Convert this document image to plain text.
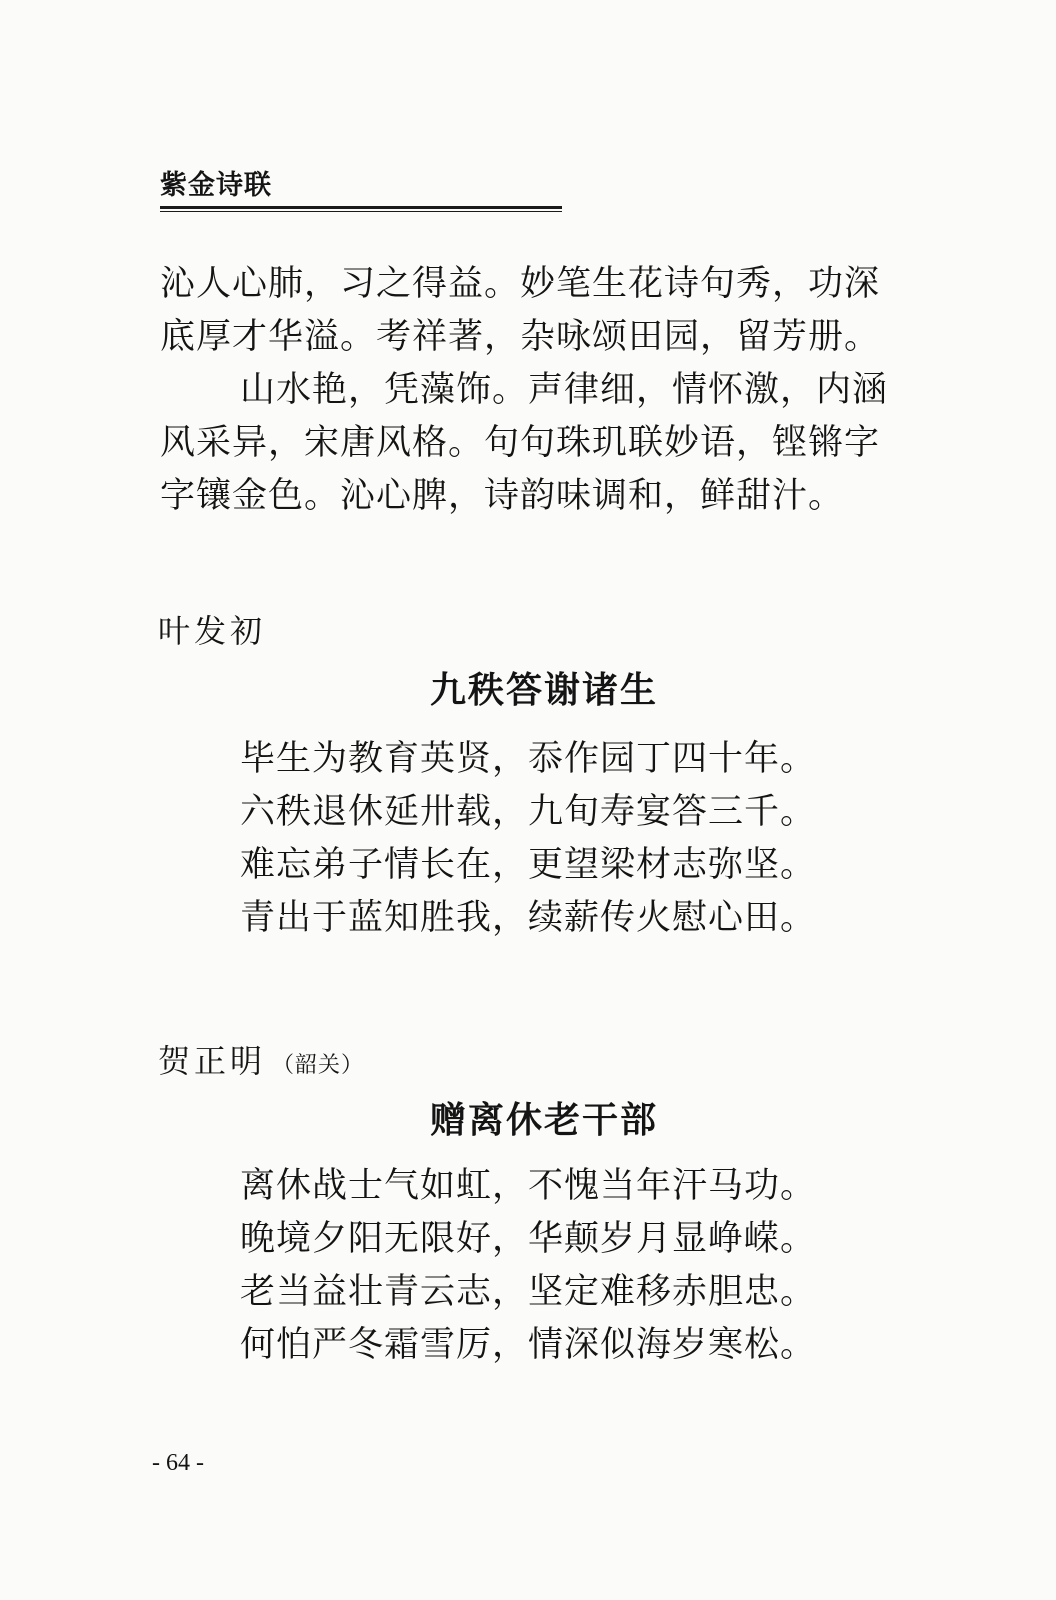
紫金诗联
沁人心肺，习之得益。妙笔生花诗句秀，功深
底厚才华溢。考祥著，杂咏颂田园，留芳册。
山水艳，凭藻饰。声律细，情怀激，内涵
风采异，宋唐风格。句句珠玑联妙语，铿锵字
字镶金色。沁心脾，诗韵味调和，鲜甜汁。
叶发初
九秩答谢诸生
毕生为教育英贤，忝作园丁四十年。
六秩退休延卅载，九旬寿宴答三千。
难忘弟子情长在，更望梁材志弥坚。
青出于蓝知胜我，续薪传火慰心田。
贺正明 （韶关）
赠离休老干部
离休战士气如虹，不愧当年汗马功。
晚境夕阳无限好，华颠岁月显峥嵘。
老当益壮青云志，坚定难移赤胆忠。
何怕严冬霜雪厉，情深似海岁寒松。
- 64 -
